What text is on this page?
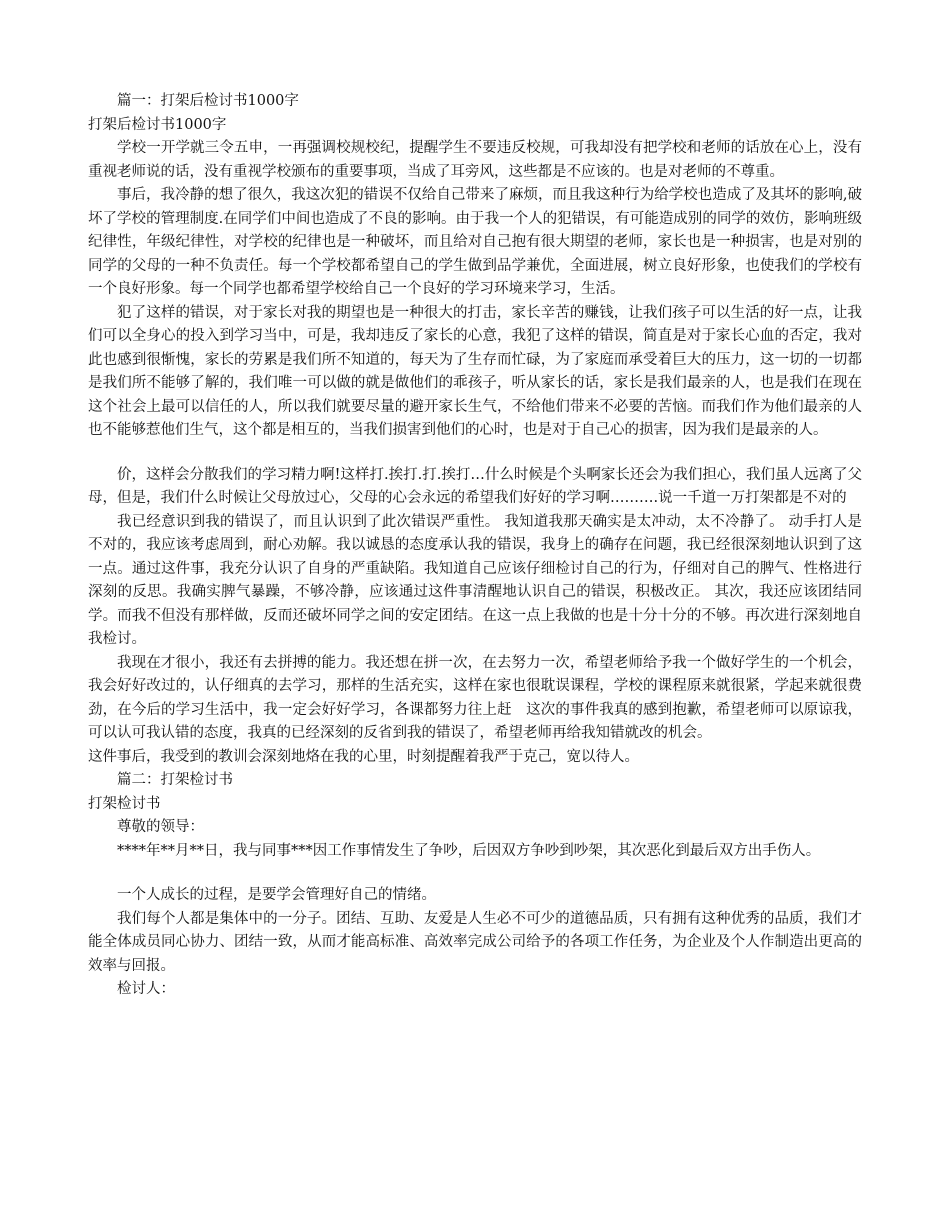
篇一：打架后检讨书1000字

打架后检讨书1000字

学校一开学就三令五申，一再强调校规校纪，提醒学生不要违反校规，可我却没有把学校和老师的话放在心上，没有重视老师说的话，没有重视学校颁布的重要事项，当成了耳旁风，这些都是不应该的。也是对老师的不尊重。

事后，我冷静的想了很久，我这次犯的错误不仅给自己带来了麻烦，而且我这种行为给学校也造成了及其坏的影响,破坏了学校的管理制度.在同学们中间也造成了不良的影响。由于我一个人的犯错误，有可能造成别的同学的效仿，影响班级纪律性，年级纪律性，对学校的纪律也是一种破坏，而且给对自己抱有很大期望的老师，家长也是一种损害，也是对别的同学的父母的一种不负责任。每一个学校都希望自己的学生做到品学兼优，全面进展，树立良好形象，也使我们的学校有一个良好形象。每一个同学也都希望学校给自己一个良好的学习环境来学习，生活。

犯了这样的错误，对于家长对我的期望也是一种很大的打击，家长辛苦的赚钱，让我们孩子可以生活的好一点，让我们可以全身心的投入到学习当中，可是，我却违反了家长的心意，我犯了这样的错误，简直是对于家长心血的否定，我对此也感到很惭愧，家长的劳累是我们所不知道的，每天为了生存而忙碌，为了家庭而承受着巨大的压力，这一切的一切都是我们所不能够了解的，我们唯一可以做的就是做他们的乖孩子，听从家长的话，家长是我们最亲的人，也是我们在现在这个社会上最可以信任的人，所以我们就要尽量的避开家长生气，不给他们带来不必要的苦恼。而我们作为他们最亲的人也不能够惹他们生气，这个都是相互的，当我们损害到他们的心时，也是对于自己心的损害，因为我们是最亲的人。

价，这样会分散我们的学习精力啊!这样打.挨打.打.挨打…什么时候是个头啊家长还会为我们担心，我们虽人远离了父母，但是，我们什么时候让父母放过心，父母的心会永远的希望我们好好的学习啊……….说一千道一万打架都是不对的

我已经意识到我的错误了，而且认识到了此次错误严重性。 我知道我那天确实是太冲动，太不冷静了。 动手打人是不对的，我应该考虑周到，耐心劝解。我以诚恳的态度承认我的错误，我身上的确存在问题，我已经很深刻地认识到了这一点。通过这件事，我充分认识了自身的严重缺陷。我知道自己应该仔细检讨自己的行为，仔细对自己的脾气、性格进行深刻的反思。我确实脾气暴躁，不够冷静，应该通过这件事清醒地认识自己的错误，积极改正。 其次，我还应该团结同学。而我不但没有那样做，反而还破坏同学之间的安定团结。在这一点上我做的也是十分十分的不够。再次进行深刻地自我检讨。

我现在才很小，我还有去拼搏的能力。我还想在拼一次，在去努力一次，希望老师给予我一个做好学生的一个机会，我会好好改过的，认仔细真的去学习，那样的生活充实，这样在家也很耽误课程，学校的课程原来就很紧，学起来就很费劲，在今后的学习生活中，我一定会好好学习，各课都努力往上赶　这次的事件我真的感到抱歉，希望老师可以原谅我，可以认可我认错的态度，我真的已经深刻的反省到我的错误了，希望老师再给我知错就改的机会。

这件事后，我受到的教训会深刻地烙在我的心里，时刻提醒着我严于克己，宽以待人。

篇二：打架检讨书

打架检讨书

尊敬的领导：

****年**月**日，我与同事***因工作事情发生了争吵，后因双方争吵到吵架，其次恶化到最后双方出手伤人。

一个人成长的过程，是要学会管理好自己的情绪。

我们每个人都是集体中的一分子。团结、互助、友爱是人生必不可少的道德品质，只有拥有这种优秀的品质，我们才能全体成员同心协力、团结一致，从而才能高标准、高效率完成公司给予的各项工作任务，为企业及个人作制造出更高的效率与回报。

检讨人：
